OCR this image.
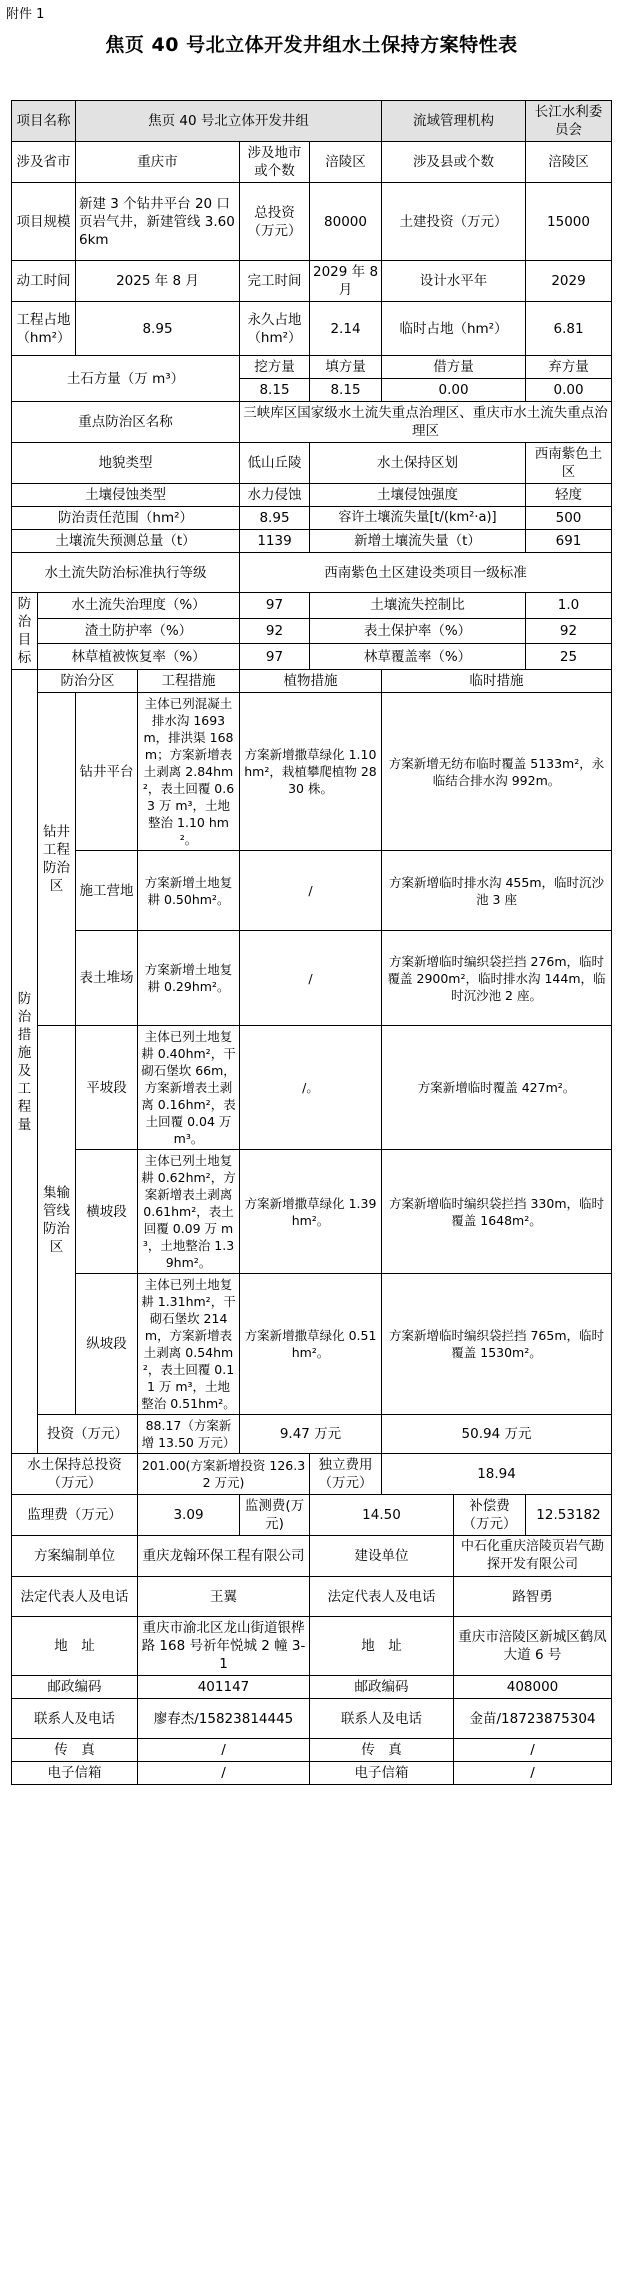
附件 1
焦页 40 号北立体开发井组水土保持方案特性表
项目名称		焦页 40 号北立体开发井组				流域管理机构		长江水利委员会
涉及省市		重庆市		涉及地市或个数	涪陵区	涉及县或个数		涪陵区
项目规模		新建 3 个钻井平台 20 口页岩气井，新建管线 3.606km		总投资（万元）	80000	土建投资（万元）		15000
动工时间		2025 年 8 月		完工时间	2029 年 8 月	设计水平年		2029
工程占地（hm²）		8.95		永久占地（hm²）	2.14	临时占地（hm²）		6.81
土石方量（万 m³）				挖方量	填方量	借方量		弃方量
				8.15	8.15	0.00		0.00
重点防治区名称				三峡库区国家级水土流失重点治理区、重庆市水土流失重点治理区				
地貌类型				低山丘陵	水土保持区划			西南紫色土区
土壤侵蚀类型				水力侵蚀	土壤侵蚀强度			轻度
防治责任范围（hm²）				8.95	容许土壤流失量[t/(km²·a)]			500
土壤流失预测总量（t）				1139	新增土壤流失量（t）			691
水土流失防治标准执行等级				西南紫色土区建设类项目一级标准				
防治目标	水土流失治理度（%）			97	土壤流失控制比			1.0
	渣土防护率（%）			92	表土保护率（%）			92
	林草植被恢复率（%）			97	林草覆盖率（%）			25
防治措施及工程量	防治分区		工程措施	植物措施		临时措施		
	钻井工程防治区	钻井平台	主体已列混凝土排水沟 1693m，排洪渠 168m；方案新增表土剥离 2.84hm²，表土回覆 0.63 万 m³，土地整治 1.10 hm²。	方案新增撒草绿化 1.10hm²，栽植攀爬植物 2830 株。		方案新增无纺布临时覆盖 5133m²，永临结合排水沟 992m。		
		施工营地	方案新增土地复耕 0.50hm²。	/		方案新增临时排水沟 455m，临时沉沙池 3 座		
		表土堆场	方案新增土地复耕 0.29hm²。	/		方案新增临时编织袋拦挡 276m，临时覆盖 2900m²，临时排水沟 144m，临时沉沙池 2 座。		
	集输管线防治区	平坡段	主体已列土地复耕 0.40hm²，干砌石堡坎 66m，方案新增表土剥离 0.16hm²，表土回覆 0.04 万 m³。	/。		方案新增临时覆盖 427m²。		
		横坡段	主体已列土地复耕 0.62hm²，方案新增表土剥离 0.61hm²，表土回覆 0.09 万 m³，土地整治 1.39hm²。	方案新增撒草绿化 1.39hm²。		方案新增临时编织袋拦挡 330m，临时覆盖 1648m²。		
		纵坡段	主体已列土地复耕 1.31hm²，干砌石堡坎 214m，方案新增表土剥离 0.54hm²，表土回覆 0.11 万 m³，土地整治 0.51hm²。	方案新增撒草绿化 0.51hm²。		方案新增临时编织袋拦挡 765m，临时覆盖 1530m²。		
	投资（万元）		88.17（方案新增 13.50 万元）	9.47 万元		50.94 万元		
水土保持总投资（万元）			201.00(方案新增投资 126.32 万元)		独立费用（万元）	18.94		
监理费（万元）			3.09	监测费(万元)	14.50		补偿费（万元）	12.53182
方案编制单位			重庆龙翰环保工程有限公司		建设单位		中石化重庆涪陵页岩气勘探开发有限公司	
法定代表人及电话			王翼		法定代表人及电话		路智勇	
地　址			重庆市渝北区龙山街道银桦路 168 号祈年悦城 2 幢 3-1		地　址		重庆市涪陵区新城区鹤凤大道 6 号	
邮政编码			401147		邮政编码		408000	
联系人及电话			廖春杰/15823814445		联系人及电话		金苗/18723875304	
传　真			/		传　真		/	
电子信箱			/		电子信箱		/	
